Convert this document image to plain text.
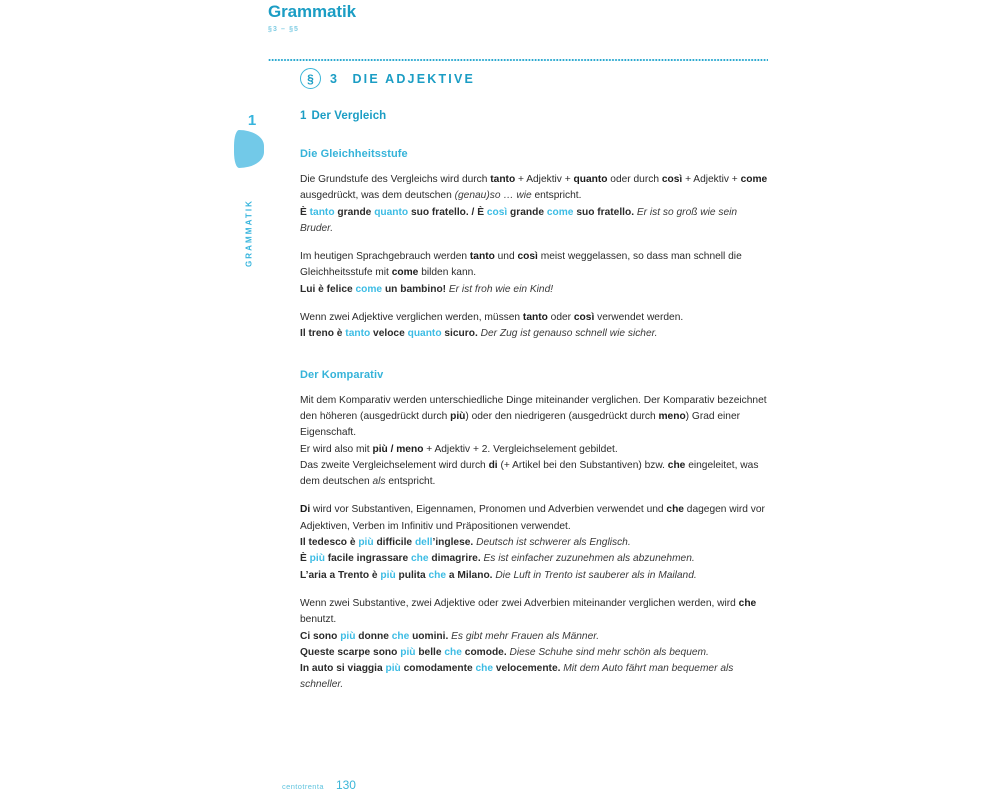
Grammatik
§3 – §5
§ 3 DIE ADJEKTIVE
1
GRAMMATIK
1 Der Vergleich
Die Gleichheitsstufe

Die Grundstufe des Vergleichs wird durch tanto + Adjektiv + quanto oder durch così + Adjektiv + come ausgedrückt, was dem deutschen (genau)so … wie entspricht.

È tanto grande quanto suo fratello. / È così grande come suo fratello. Er ist so groß wie sein Bruder.

Im heutigen Sprachgebrauch werden tanto und così meist weggelassen, so dass man schnell die Gleichheitsstufe mit come bilden kann.

Lui è felice come un bambino! Er ist froh wie ein Kind!

Wenn zwei Adjektive verglichen werden, müssen tanto oder così verwendet werden.

Il treno è tanto veloce quanto sicuro. Der Zug ist genauso schnell wie sicher.

Der Komparativ

Mit dem Komparativ werden unterschiedliche Dinge miteinander verglichen. Der Komparativ bezeichnet den höheren (ausgedrückt durch più) oder den niedrigeren (ausgedrückt durch meno) Grad einer Eigenschaft.

Er wird also mit più / meno + Adjektiv + 2. Vergleichselement gebildet.

Das zweite Vergleichselement wird durch di (+ Artikel bei den Substantiven) bzw. che eingeleitet, was dem deutschen als entspricht.

Di wird vor Substantiven, Eigennamen, Pronomen und Adverbien verwendet und che dagegen wird vor Adjektiven, Verben im Infinitiv und Präpositionen verwendet.

Il tedesco è più difficile dell’inglese. Deutsch ist schwerer als Englisch.

È più facile ingrassare che dimagrire. Es ist einfacher zuzunehmen als abzunehmen.

L’aria a Trento è più pulita che a Milano. Die Luft in Trento ist sauberer als in Mailand.

Wenn zwei Substantive, zwei Adjektive oder zwei Adverbien miteinander verglichen werden, wird che benutzt.

Ci sono più donne che uomini. Es gibt mehr Frauen als Männer.

Queste scarpe sono più belle che comode. Diese Schuhe sind mehr schön als bequem.

In auto si viaggia più comodamente che velocemente. Mit dem Auto fährt man bequemer als schneller.

centotrenta 130
